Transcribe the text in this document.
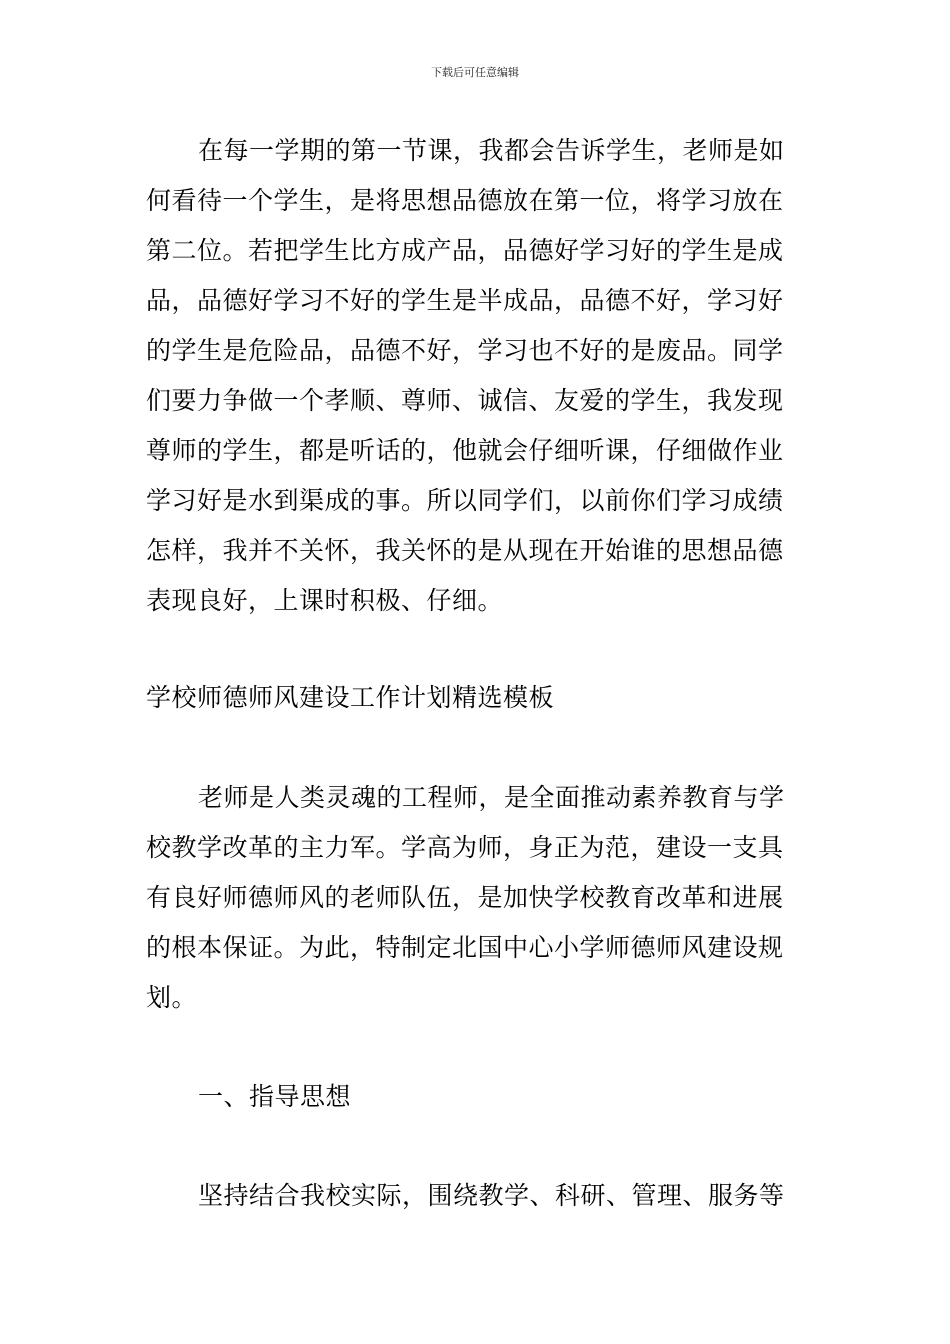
下载后可任意编辑
在每一学期的第一节课，我都会告诉学生，老师是如何看待一个学生，是将思想品德放在第一位，将学习放在第二位。若把学生比方成产品，品德好学习好的学生是成品，品德好学习不好的学生是半成品，品德不好，学习好的学生是危险品，品德不好，学习也不好的是废品。同学们要力争做一个孝顺、尊师、诚信、友爱的学生，我发现尊师的学生，都是听话的，他就会仔细听课，仔细做作业学习好是水到渠成的事。所以同学们，以前你们学习成绩怎样，我并不关怀，我关怀的是从现在开始谁的思想品德表现良好，上课时积极、仔细。
学校师德师风建设工作计划精选模板
老师是人类灵魂的工程师，是全面推动素养教育与学校教学改革的主力军。学高为师，身正为范，建设一支具有良好师德师风的老师队伍，是加快学校教育改革和进展的根本保证。为此，特制定北国中心小学师德师风建设规划。
一、指导思想
坚持结合我校实际，围绕教学、科研、管理、服务等
